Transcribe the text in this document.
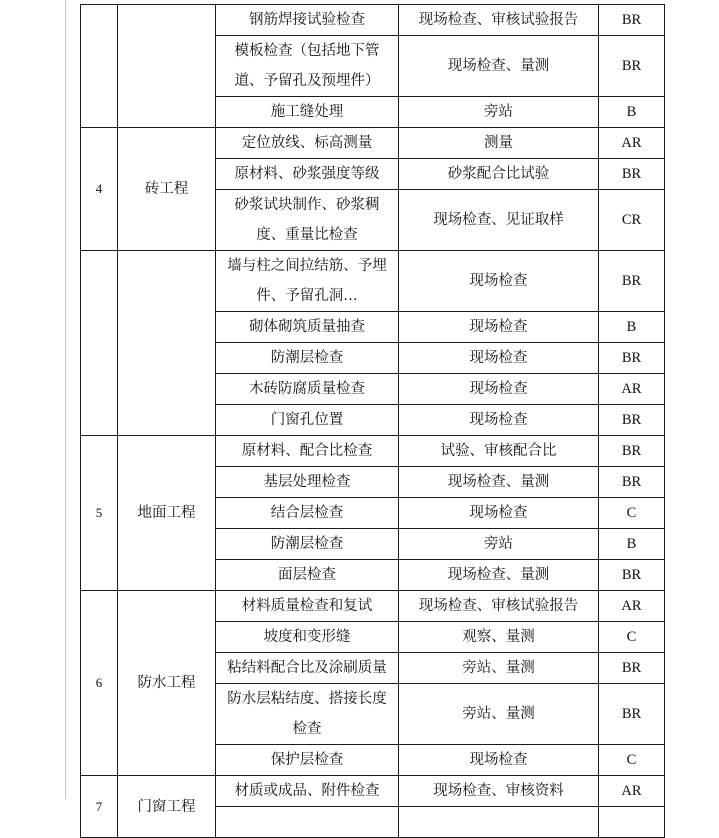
		钢筋焊接试验检查	现场检查、审核试验报告	BR
		模板检查（包括地下管道、予留孔及预埋件）	现场检查、量测	BR
		施工缝处理	旁站	B
4	砖工程	定位放线、标高测量	测量	AR
		原材料、砂浆强度等级	砂浆配合比试验	BR
		砂浆试块制作、砂浆稠度、重量比检查	现场检查、见证取样	CR
		墙与柱之间拉结筋、予埋件、予留孔洞…	现场检查	BR
		砌体砌筑质量抽查	现场检查	B
		防潮层检查	现场检查	BR
		木砖防腐质量检查	现场检查	AR
		门窗孔位置	现场检查	BR
5	地面工程	原材料、配合比检查	试验、审核配合比	BR
		基层处理检查	现场检查、量测	BR
		结合层检查	现场检查	C
		防潮层检查	旁站	B
		面层检查	现场检查、量测	BR
6	防水工程	材料质量检查和复试	现场检查、审核试验报告	AR
		坡度和变形缝	观察、量测	C
		粘结料配合比及涂刷质量	旁站、量测	BR
		防水层粘结度、搭接长度检查	旁站、量测	BR
		保护层检查	现场检查	C
7	门窗工程	材质或成品、附件检查	现场检查、审核资料	AR
